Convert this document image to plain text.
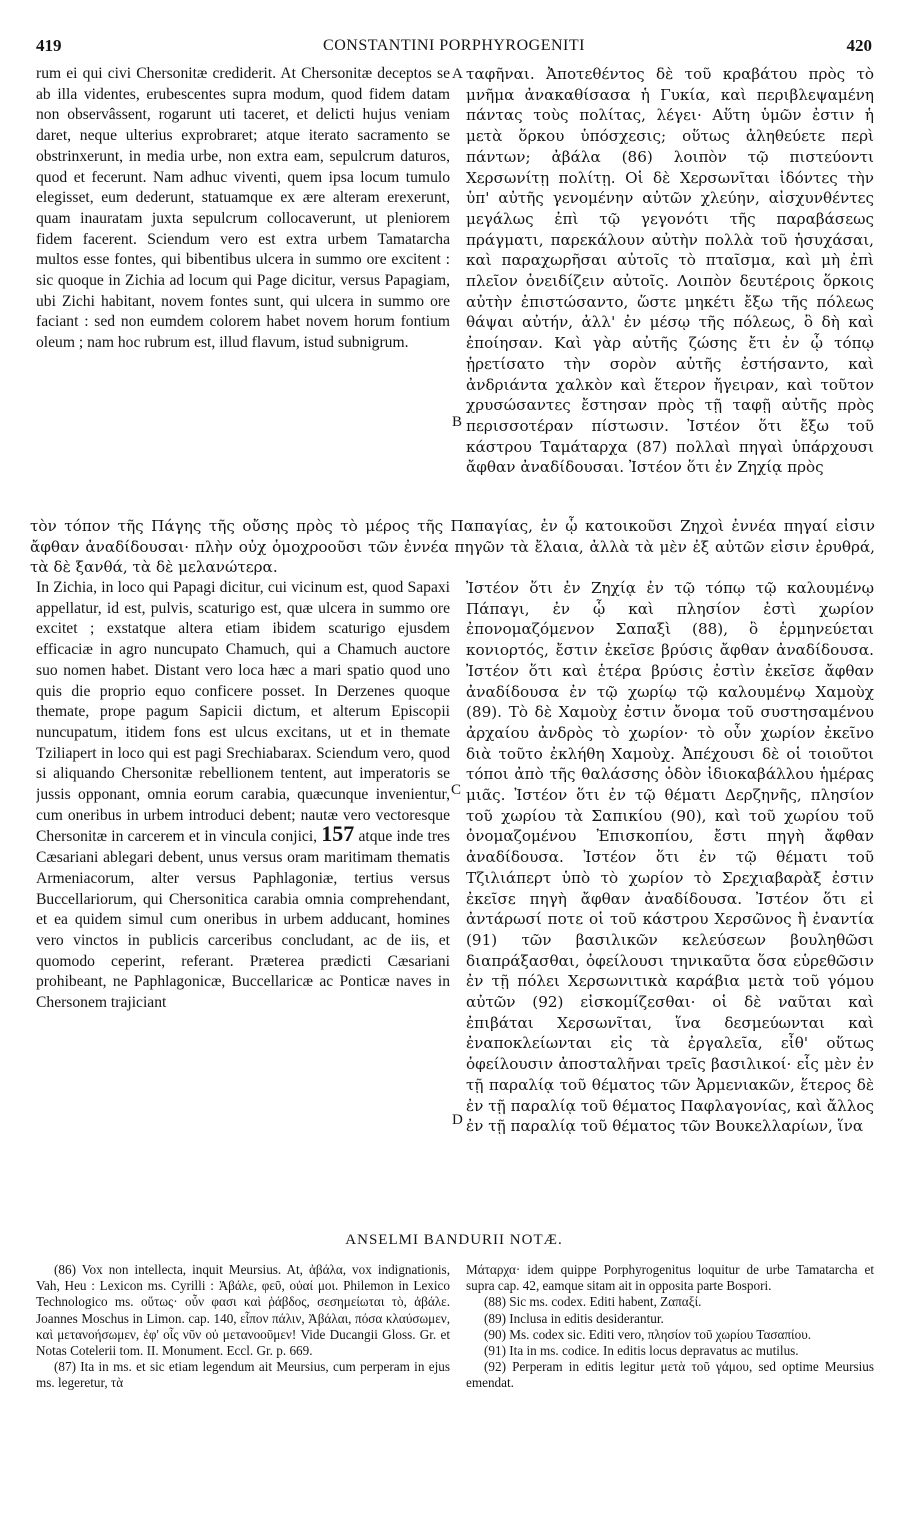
419	CONSTANTINI PORPHYROGENITI	420
rum ei qui civi Chersonitæ crediderit. At Chersonitæ deceptos se ab illa videntes, erubescentes supra modum, quod fidem datam non observâssent, rogarunt uti taceret, et delicti hujus veniam daret, neque ulterius exprobraret; atque iterato sacramento se obstrinxerunt, in media urbe, non extra eam, sepulcrum daturos, quod et fecerunt. Nam adhuc viventi, quem ipsa locum tumulo elegisset, eum dederunt, statuamque ex ære alteram erexerunt, quam inauratam juxta sepulcrum collocaverunt, ut pleniorem fidem facerent. Sciendum vero est extra urbem Tamatarcha multos esse fontes, qui bibentibus ulcera in summo ore excitent : sic quoque in Zichia ad locum qui Page dicitur, versus Papagiam, ubi Zichi habitant, novem fontes sunt, qui ulcera in summo ore faciant : sed non eumdem colorem habet novem horum fontium oleum ; nam hoc rubrum est, illud flavum, istud subnigrum.
A
B
ταφῆναι. Ἀποτεθέντος δὲ τοῦ κραβάτου πρὸς τὸ μνῆμα ἀνακαθίσασα ἡ Γυκία, καὶ περιβλεψαμένη πάντας τοὺς πολίτας, λέγει· Αὕτη ὑμῶν ἐστιν ἡ μετὰ ὅρκου ὑπόσχεσις; οὕτως ἀληθεύετε περὶ πάντων; ἀβάλα (86) λοιπὸν τῷ πιστεύοντι Χερσωνίτῃ πολίτῃ. Οἱ δὲ Χερσωνῖται ἰδόντες τὴν ὑπ' αὐτῆς γενομένην αὐτῶν χλεύην, αἰσχυνθέντες μεγάλως ἐπὶ τῷ γεγονότι τῆς παραβάσεως πράγματι, παρεκάλουν αὐτὴν πολλὰ τοῦ ἡσυχάσαι, καὶ παραχωρῆσαι αὐτοῖς τὸ πταῖσμα, καὶ μὴ ἐπὶ πλεῖον ὀνειδίζειν αὐτοῖς. Λοιπὸν δευτέροις ὅρκοις αὐτὴν ἐπιστώσαντο, ὥστε μηκέτι ἔξω τῆς πόλεως θάψαι αὐτήν, ἀλλ' ἐν μέσῳ τῆς πόλεως, ὃ δὴ καὶ ἐποίησαν. Καὶ γὰρ αὐτῆς ζώσης ἔτι ἐν ᾧ τόπῳ ᾑρετίσατο τὴν σορὸν αὐτῆς ἐστήσαντο, καὶ ἀνδριάντα χαλκὸν καὶ ἕτερον ἤγειραν, καὶ τοῦτον χρυσώσαντες ἔστησαν πρὸς τῇ ταφῇ αὐτῆς πρὸς περισσοτέραν πίστωσιν. Ἰστέον ὅτι ἔξω τοῦ κάστρου Ταμάταρχα (87) πολλαὶ πηγαὶ ὑπάρχουσι ἄφθαν ἀναδίδουσαι. Ἰστέον ὅτι ἐν Ζηχίᾳ πρὸς
τὸν τόπον τῆς Πάγης τῆς οὔσης πρὸς τὸ μέρος τῆς Παπαγίας, ἐν ᾧ κατοικοῦσι Ζηχοὶ ἐννέα πηγαί εἰσιν ἄφθαν ἀναδίδουσαι· πλὴν οὐχ ὁμοχροοῦσι τῶν ἐννέα πηγῶν τὰ ἔλαια, ἀλλὰ τὰ μὲν ἐξ αὐτῶν εἰσιν ἐρυθρά, τὰ δὲ ξανθά, τὰ δὲ μελανώτερα.
In Zichia, in loco qui Papagi dicitur, cui vicinum est, quod Sapaxi appellatur, id est, pulvis, scaturigo est, quæ ulcera in summo ore excitet ; exstatque altera etiam ibidem scaturigo ejusdem efficaciæ in agro nuncupato Chamuch, qui a Chamuch auctore suo nomen habet. Distant vero loca hæc a mari spatio quod uno quis die proprio equo conficere posset. In Derzenes quoque themate, prope pagum Sapicii dictum, et alterum Episcopii nuncupatum, itidem fons est ulcus excitans, ut et in themate Tziliapert in loco qui est pagi Srechiabarax. Sciendum vero, quod si aliquando Chersonitæ rebellionem tentent, aut imperatoris se jussis opponant, omnia eorum carabia, quæcunque invenientur, cum oneribus in urbem introduci debent; nautæ vero vectoresque Chersonitæ in carcerem et in vincula conjici, 157 atque inde tres Cæsariani ablegari debent, unus versus oram maritimam thematis Armeniacorum, alter versus Paphlagoniæ, tertius versus Buccellariorum, qui Chersonitica carabia omnia comprehendant, et ea quidem simul cum oneribus in urbem adducant, homines vero vinctos in publicis carceribus concludant, ac de iis, et quomodo ceperint, referant. Præterea prædicti Cæsariani prohibeant, ne Paphlagonicæ, Buccellaricæ ac Ponticæ naves in Chersonem trajiciant
C
D
Ἰστέον ὅτι ἐν Ζηχίᾳ ἐν τῷ τόπῳ τῷ καλουμένῳ Πάπαγι, ἐν ᾧ καὶ πλησίον ἐστὶ χωρίον ἐπονομαζόμενον Σαπαξὶ (88), ὃ ἑρμηνεύεται κονιορτός, ἔστιν ἐκεῖσε βρύσις ἄφθαν ἀναδίδουσα. Ἰστέον ὅτι καὶ ἑτέρα βρύσις ἐστὶν ἐκεῖσε ἄφθαν ἀναδίδουσα ἐν τῷ χωρίῳ τῷ καλουμένῳ Χαμοὺχ (89). Τὸ δὲ Χαμοὺχ ἐστιν ὄνομα τοῦ συστησαμένου ἀρχαίου ἀνδρὸς τὸ χωρίον· τὸ οὖν χωρίον ἐκεῖνο διὰ τοῦτο ἐκλήθη Χαμοὺχ. Ἀπέχουσι δὲ οἱ τοιοῦτοι τόποι ἀπὸ τῆς θαλάσσης ὁδὸν ἰδιοκαβάλλου ἡμέρας μιᾶς. Ἰστέον ὅτι ἐν τῷ θέματι Δερζηνῆς, πλησίον τοῦ χωρίου τὰ Σαπικίου (90), καὶ τοῦ χωρίου τοῦ ὀνομαζομένου Ἐπισκοπίου, ἔστι πηγὴ ἄφθαν ἀναδίδουσα. Ἰστέον ὅτι ἐν τῷ θέματι τοῦ Τζιλιάπερτ ὑπὸ τὸ χωρίον τὸ Σρεχιαβαρὰξ ἐστιν ἐκεῖσε πηγὴ ἄφθαν ἀναδίδουσα. Ἰστέον ὅτι εἰ ἀντάρωσί ποτε οἱ τοῦ κάστρου Χερσῶνος ἢ ἐναντία (91) τῶν βασιλικῶν κελεύσεων βουληθῶσι διαπράξασθαι, ὀφείλουσι τηνικαῦτα ὅσα εὑρεθῶσιν ἐν τῇ πόλει Χερσωνιτικὰ καράβια μετὰ τοῦ γόμου αὐτῶν (92) εἰσκομίζεσθαι· οἱ δὲ ναῦται καὶ ἐπιβάται Χερσωνῖται, ἵνα δεσμεύωνται καὶ ἐναποκλείωνται εἰς τὰ ἐργαλεῖα, εἶθ' οὕτως ὀφείλουσιν ἀποσταλῆναι τρεῖς βασιλικοί· εἷς μὲν ἐν τῇ παραλίᾳ τοῦ θέματος τῶν Ἀρμενιακῶν, ἕτερος δὲ ἐν τῇ παραλίᾳ τοῦ θέματος Παφλαγονίας, καὶ ἄλλος ἐν τῇ παραλίᾳ τοῦ θέματος τῶν Βουκελλαρίων, ἵνα
ANSELMI BANDURII NOTÆ.

(86) Vox non intellecta, inquit Meursius. At, ἀβάλα, vox indignationis, Vah, Heu : Lexicon ms. Cyrilli : Ἀβάλε, φεῦ, οὐαί μοι. Philemon in Lexico Technologico ms. οὕτως· οὖν φασι καὶ ῥάβδος, σεσημείωται τὸ, ἀβάλε. Joannes Moschus in Limon. cap. 140, εἶπον πάλιν, Ἀβάλαι, πόσα κλαύσωμεν, καὶ μετανοήσωμεν, ἐφ' οἷς νῦν οὐ μετανοοῦμεν! Vide Ducangii Gloss. Gr. et Notas Cotelerii tom. II. Monument. Eccl. Gr. p. 669.

(87) Ita in ms. et sic etiam legendum ait Meursius, cum perperam in ejus ms. legeretur, τὰ

Μάταρχα· idem quippe Porphyrogenitus loquitur de urbe Tamatarcha et supra cap. 42, eamque sitam ait in opposita parte Bospori.

(88) Sic ms. codex. Editi habent, Ζαπαξί.

(89) Inclusa in editis desiderantur.

(90) Ms. codex sic. Editi vero, πλησίον τοῦ χωρίου Τασαπίου.

(91) Ita in ms. codice. In editis locus depravatus ac mutilus.

(92) Perperam in editis legitur μετὰ τοῦ γάμου, sed optime Meursius emendat.
